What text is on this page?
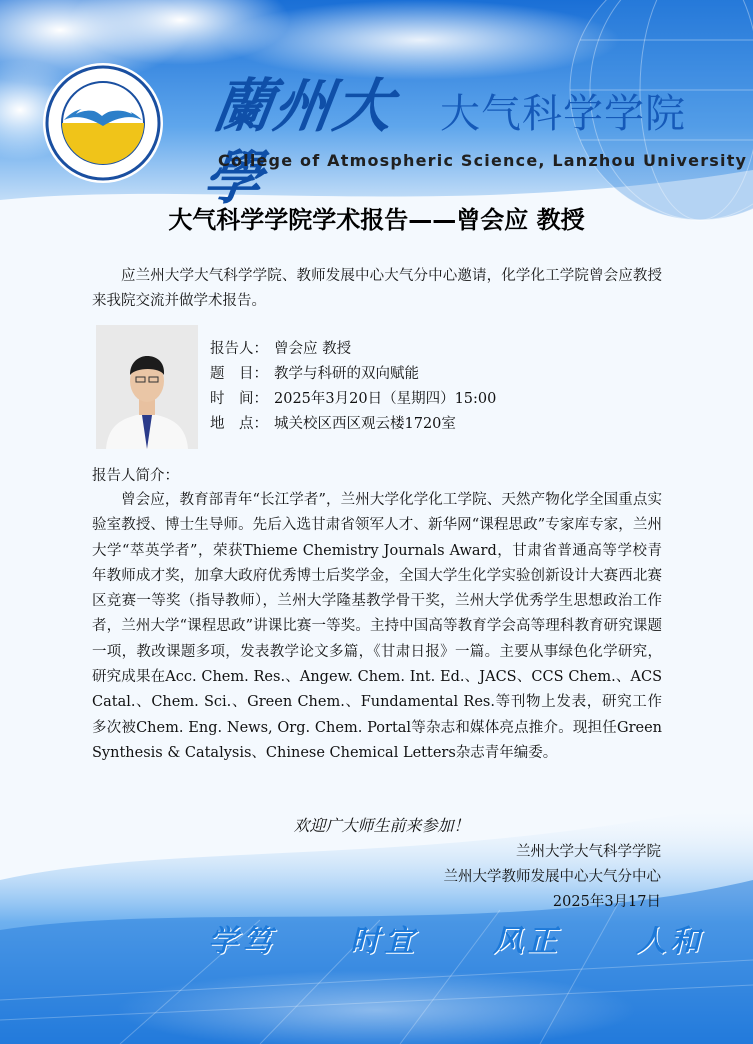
蘭州大學
大气科学学院
College of Atmospheric Science, Lanzhou University
大气科学学院学术报告——曾会应 教授
应兰州大学大气科学学院、教师发展中心大气分中心邀请，化学化工学院曾会应教授来我院交流并做学术报告。
报告人： 曾会应 教授
题　目： 教学与科研的双向赋能
时　间： 2025年3月20日（星期四）15:00
地　点： 城关校区西区观云楼1720室
报告人简介：
曾会应，教育部青年“长江学者”，兰州大学化学化工学院、天然产物化学全国重点实验室教授、博士生导师。先后入选甘肃省领军人才、新华网“课程思政”专家库专家，兰州大学“萃英学者”，荣获Thieme Chemistry Journals Award，甘肃省普通高等学校青年教师成才奖，加拿大政府优秀博士后奖学金，全国大学生化学实验创新设计大赛西北赛区竞赛一等奖（指导教师），兰州大学隆基教学骨干奖，兰州大学优秀学生思想政治工作者，兰州大学“课程思政”讲课比赛一等奖。主持中国高等教育学会高等理科教育研究课题一项，教改课题多项，发表教学论文多篇，《甘肃日报》一篇。主要从事绿色化学研究，研究成果在Acc. Chem. Res.、Angew. Chem. Int. Ed.、JACS、CCS Chem.、ACS Catal.、Chem. Sci.、Green Chem.、Fundamental Res.等刊物上发表，研究工作多次被Chem. Eng. News, Org. Chem. Portal等杂志和媒体亮点推介。现担任Green Synthesis & Catalysis、Chinese Chemical Letters杂志青年编委。
欢迎广大师生前来参加！
兰州大学大气科学学院
兰州大学教师发展中心大气分中心
2025年3月17日
学笃 时宜	风正	人和
